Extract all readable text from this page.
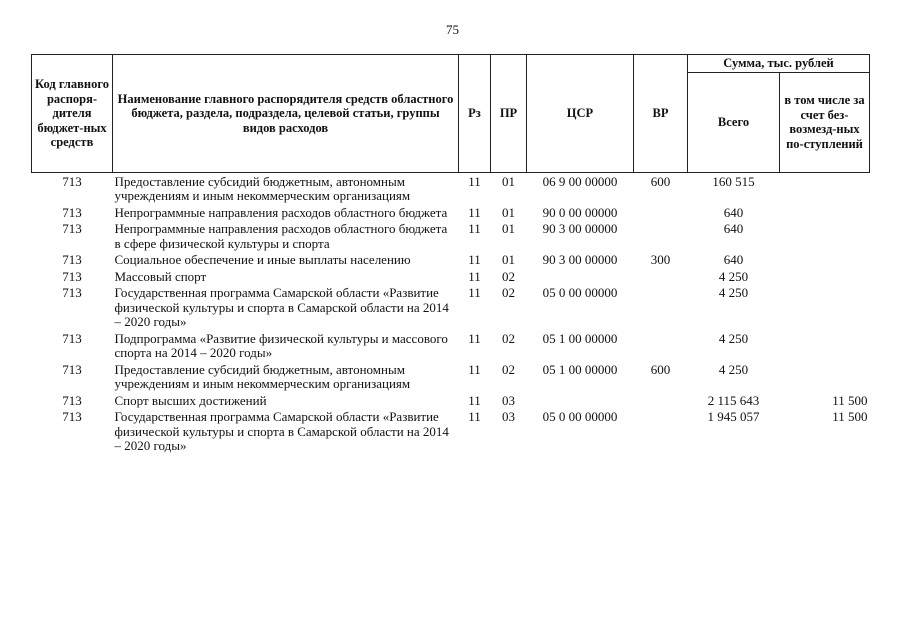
75
Код главного распоря-дителя бюджет-ных средств	Наименование главного распорядителя средств областного бюджета, раздела, подраздела, целевой статьи, группы видов расходов	Рз	ПР	ЦСР	ВР	Сумма, тыс. рублей	
						Всего	в том числе за счет без-возмезд-ных по-ступлений
713	Предоставление субсидий бюджетным, автономным учреждениям и иным некоммерческим организациям	11	01	06 9 00 00000	600	160 515	
713	Непрограммные направления расходов областного бюджета	11	01	90 0 00 00000		640	
713	Непрограммные направления расходов областного бюджета в сфере физической культуры и спорта	11	01	90 3 00 00000		640	
713	Социальное обеспечение и иные выплаты населению	11	01	90 3 00 00000	300	640	
713	Массовый спорт	11	02			4 250	
713	Государственная программа Самарской области «Развитие физической культуры и спорта в Самарской области на 2014 – 2020 годы»	11	02	05 0 00 00000		4 250	
713	Подпрограмма «Развитие физической культуры и массового спорта на 2014 – 2020 годы»	11	02	05 1 00 00000		4 250	
713	Предоставление субсидий бюджетным, автономным учреждениям и иным некоммерческим организациям	11	02	05 1 00 00000	600	4 250	
713	Спорт высших достижений	11	03			2 115 643	11 500
713	Государственная программа Самарской области «Развитие физической культуры и спорта в Самарской области на 2014 – 2020 годы»	11	03	05 0 00 00000		1 945 057	11 500
